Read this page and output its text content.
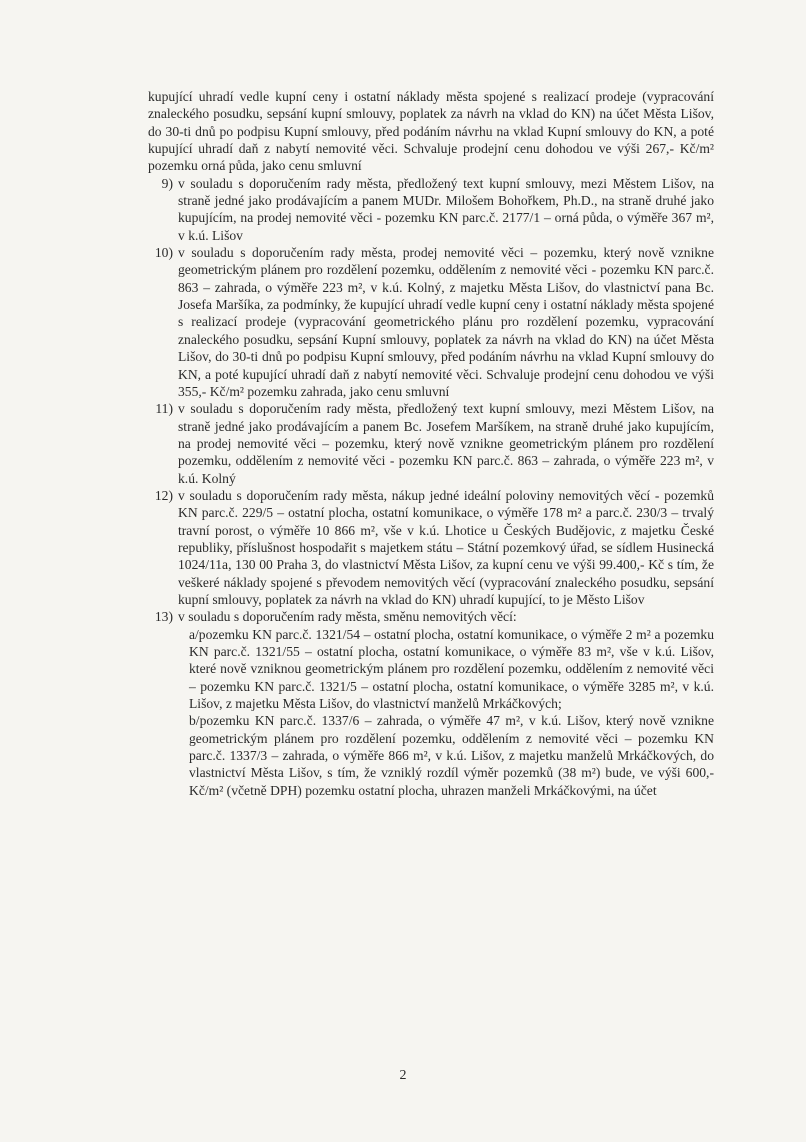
kupující uhradí vedle kupní ceny i ostatní náklady města spojené s realizací prodeje (vypracování znaleckého posudku, sepsání kupní smlouvy, poplatek za návrh na vklad do KN) na účet Města Lišov, do 30-ti dnů po podpisu Kupní smlouvy, před podáním návrhu na vklad Kupní smlouvy do KN, a poté kupující uhradí daň z nabytí nemovité věci. Schvaluje prodejní cenu dohodou ve výši 267,- Kč/m² pozemku orná půda, jako cenu smluvní

9) v souladu s doporučením rady města, předložený text kupní smlouvy, mezi Městem Lišov, na straně jedné jako prodávajícím a panem MUDr. Milošem Bohořkem, Ph.D., na straně druhé jako kupujícím, na prodej nemovité věci - pozemku KN parc.č. 2177/1 – orná půda, o výměře 367 m², v k.ú. Lišov
10) v souladu s doporučením rady města, prodej nemovité věci – pozemku, který nově vznikne geometrickým plánem pro rozdělení pozemku, oddělením z nemovité věci - pozemku KN parc.č. 863 – zahrada, o výměře 223 m², v k.ú. Kolný, z majetku Města Lišov, do vlastnictví pana Bc. Josefa Maršíka, za podmínky, že kupující uhradí vedle kupní ceny i ostatní náklady města spojené s realizací prodeje (vypracování geometrického plánu pro rozdělení pozemku, vypracování znaleckého posudku, sepsání Kupní smlouvy, poplatek za návrh na vklad do KN) na účet Města Lišov, do 30-ti dnů po podpisu Kupní smlouvy, před podáním návrhu na vklad Kupní smlouvy do KN, a poté kupující uhradí daň z nabytí nemovité věci. Schvaluje prodejní cenu dohodou ve výši 355,- Kč/m² pozemku zahrada, jako cenu smluvní
11) v souladu s doporučením rady města, předložený text kupní smlouvy, mezi Městem Lišov, na straně jedné jako prodávajícím a panem Bc. Josefem Maršíkem, na straně druhé jako kupujícím, na prodej nemovité věci – pozemku, který nově vznikne geometrickým plánem pro rozdělení pozemku, oddělením z nemovité věci - pozemku KN parc.č. 863 – zahrada, o výměře 223 m², v k.ú. Kolný
12) v souladu s doporučením rady města, nákup jedné ideální poloviny nemovitých věcí - pozemků KN parc.č. 229/5 – ostatní plocha, ostatní komunikace, o výměře 178 m² a parc.č. 230/3 – trvalý travní porost, o výměře 10 866 m², vše v k.ú. Lhotice u Českých Budějovic, z majetku České republiky, příslušnost hospodařit s majetkem státu – Státní pozemkový úřad, se sídlem Husinecká 1024/11a, 130 00 Praha 3, do vlastnictví Města Lišov, za kupní cenu ve výši 99.400,- Kč s tím, že veškeré náklady spojené s převodem nemovitých věcí (vypracování znaleckého posudku, sepsání kupní smlouvy, poplatek za návrh na vklad do KN) uhradí kupující, to je Město Lišov
13) v souladu s doporučením rady města, směnu nemovitých věcí:

a/pozemku KN parc.č. 1321/54 – ostatní plocha, ostatní komunikace, o výměře 2 m² a pozemku KN parc.č. 1321/55 – ostatní plocha, ostatní komunikace, o výměře 83 m², vše v k.ú. Lišov, které nově vzniknou geometrickým plánem pro rozdělení pozemku, oddělením z nemovité věci – pozemku KN parc.č. 1321/5 – ostatní plocha, ostatní komunikace, o výměře 3285 m², v k.ú. Lišov, z majetku Města Lišov, do vlastnictví manželů Mrkáčkových;

b/pozemku KN parc.č. 1337/6 – zahrada, o výměře 47 m², v k.ú. Lišov, který nově vznikne geometrickým plánem pro rozdělení pozemku, oddělením z nemovité věci – pozemku KN parc.č. 1337/3 – zahrada, o výměře 866 m², v k.ú. Lišov, z majetku manželů Mrkáčkových, do vlastnictví Města Lišov, s tím, že vzniklý rozdíl výměr pozemků (38 m²) bude, ve výši 600,- Kč/m² (včetně DPH) pozemku ostatní plocha, uhrazen manželi Mrkáčkovými, na účet

2
